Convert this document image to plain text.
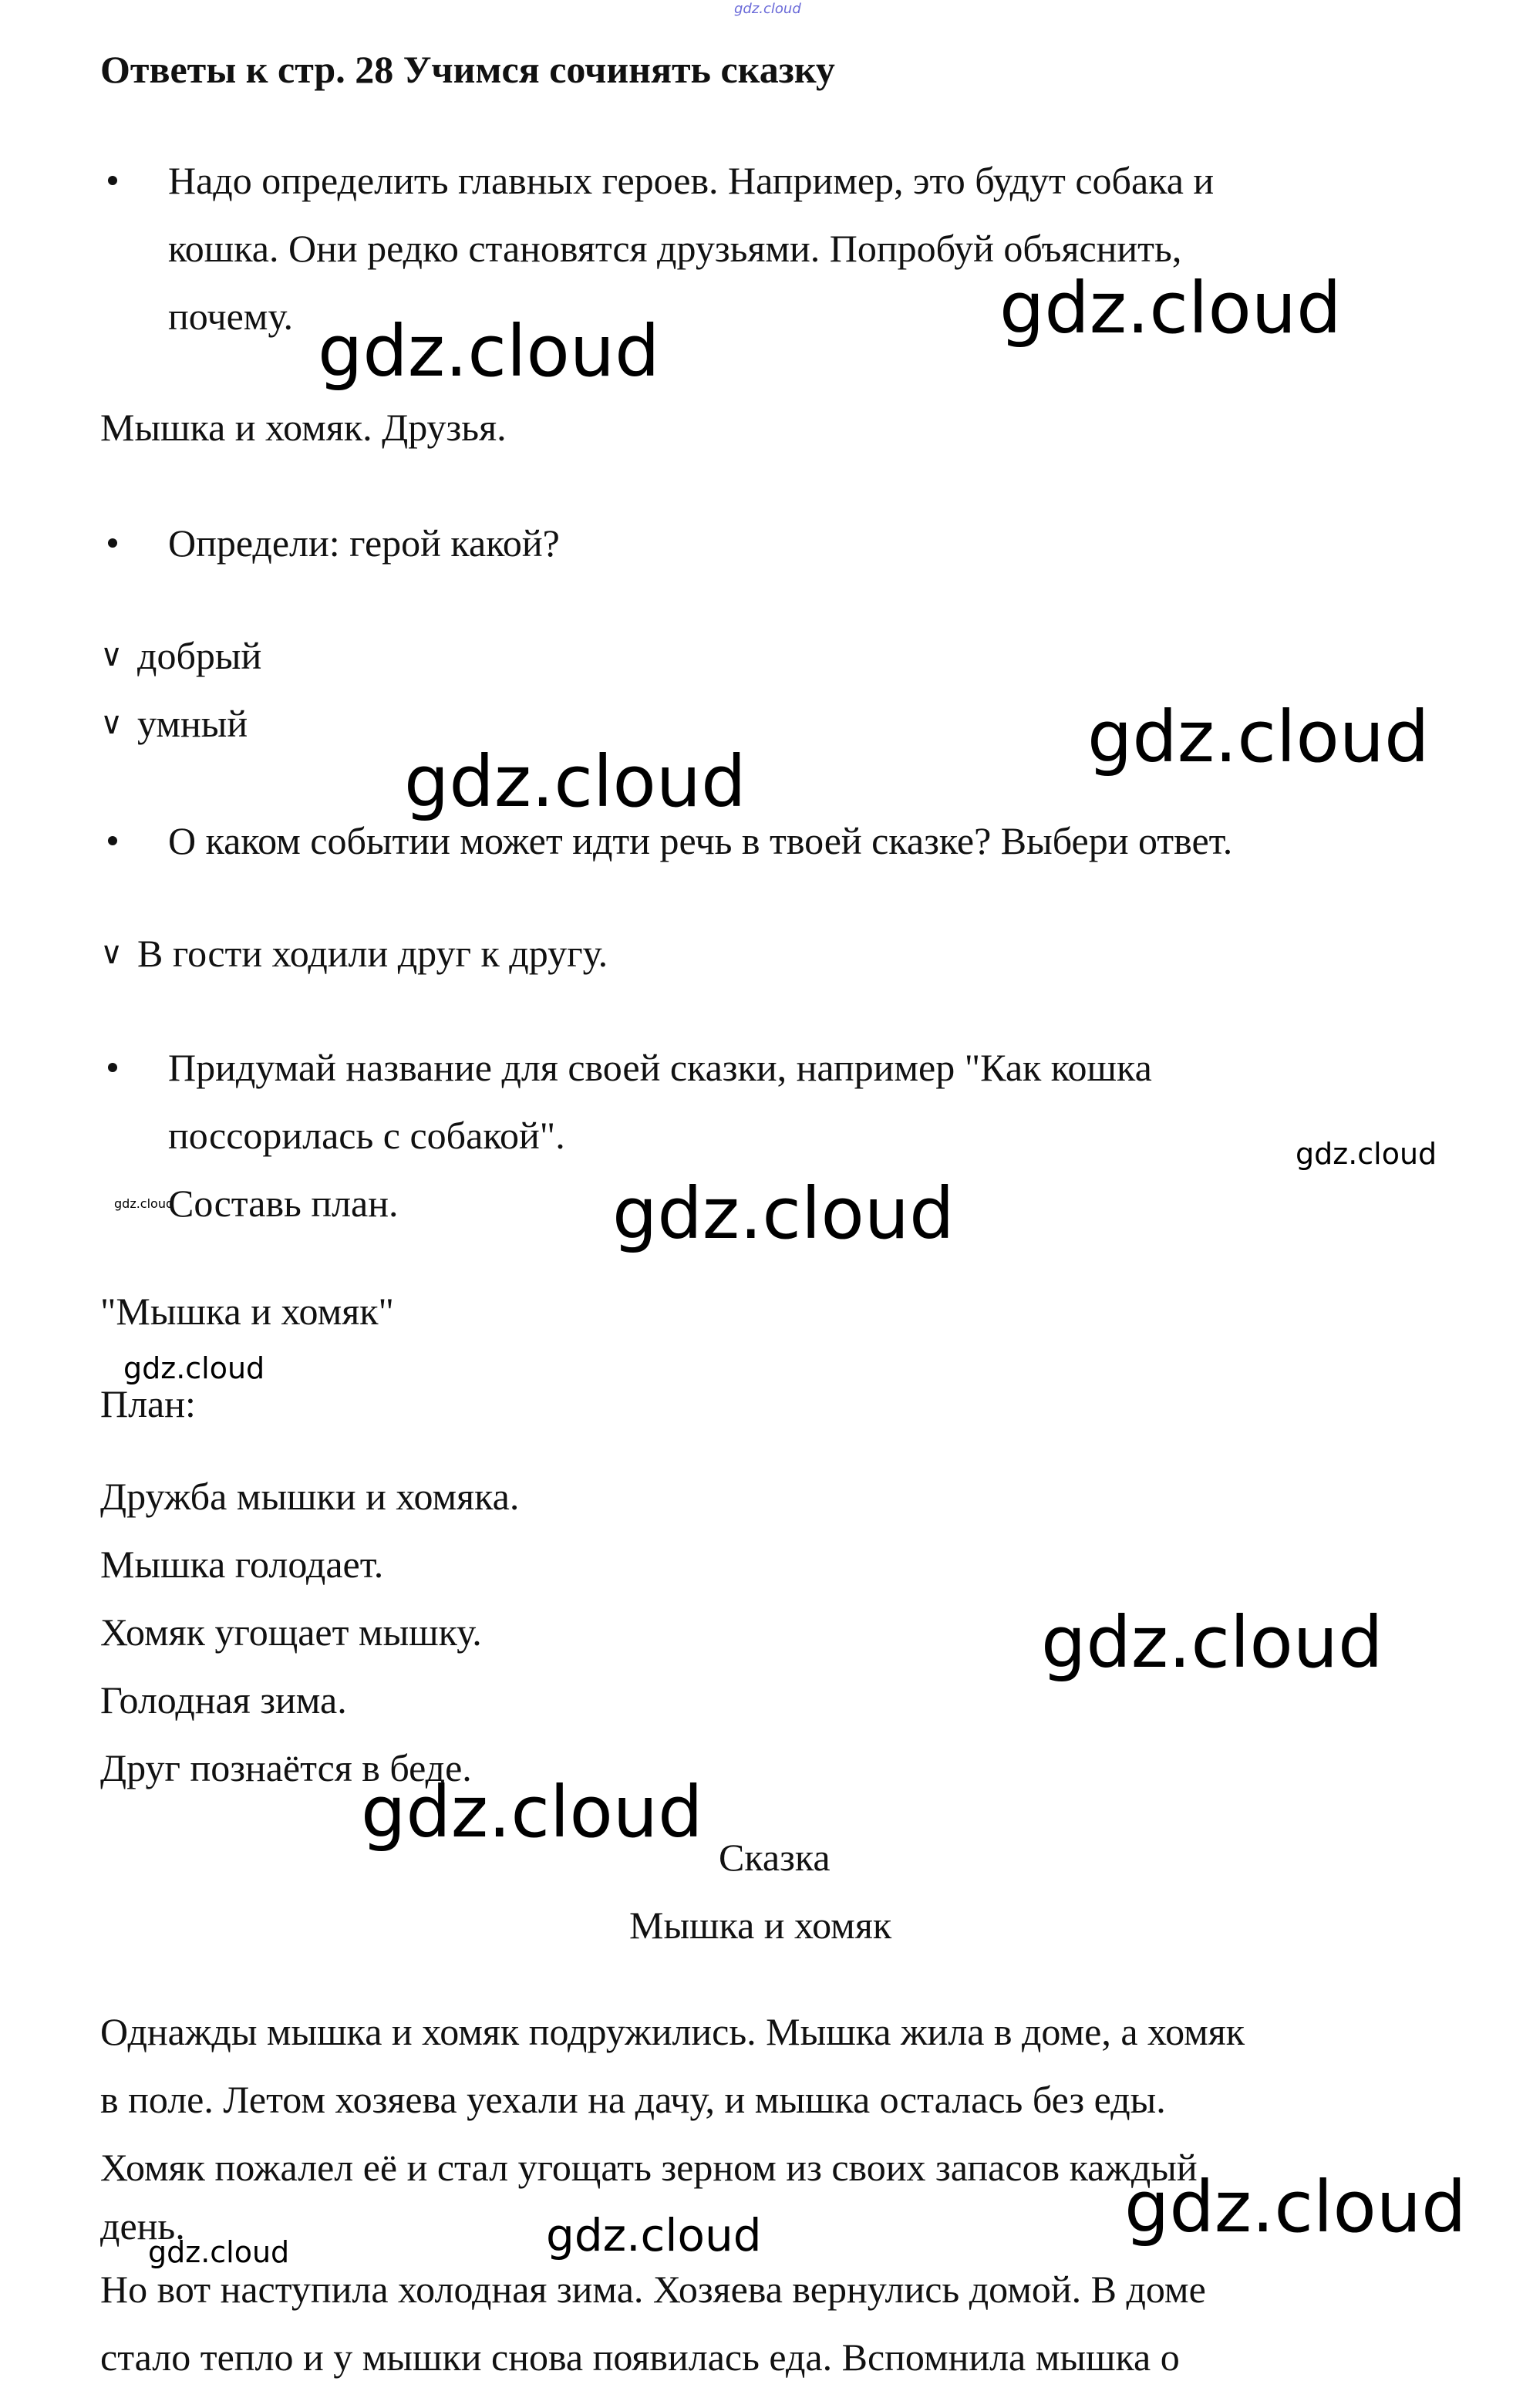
gdz.cloud
Ответы к стр. 28 Учимся сочинять сказку
Надо определить главных героев. Например, это будут собака и
кошка. Они редко становятся друзьями. Попробуй объяснить,
почему.	gdz.cloud
gdz.cloud
Мышка и хомяк. Друзья.
Определи: герой какой?
∨ добрый
∨ умный	gdz.cloud
gdz.cloud
О каком событии может идти речь в твоей сказке? Выбери ответ.
∨ В гости ходили друг к другу.
Придумай название для своей сказки, например "Как кошка
поссорилась с собакой".	gdz.cloud
gdz.cloud
Составь план.	gdz.cloud
"Мышка и хомяк"
gdz.cloud
План:
Дружба мышки и хомяка.
Мышка голодает.
Хомяк угощает мышку.
Голодная зима.
Друг познаётся в беде.
gdz.cloud
gdz.cloud
Сказка
Мышка и хомяк
Однажды мышка и хомяк подружились. Мышка жила в доме, а хомяк
в поле. Летом хозяева уехали на дачу, и мышка осталась без еды.
Хомяк пожалел её и стал угощать зерном из своих запасов каждый
день.	gdz.cloud
gdz.cloud
gdz.cloud
Но вот наступила холодная зима. Хозяева вернулись домой. В доме
стало тепло и у мышки снова появилась еда. Вспомнила мышка о
